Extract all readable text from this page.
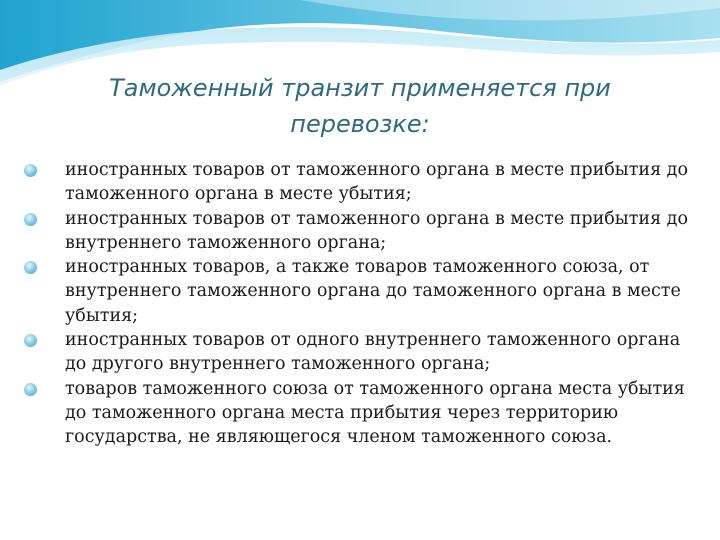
Таможенный транзит применяется при перевозке:
иностранных товаров от таможенного органа в месте прибытия до таможенного органа в месте убытия;
иностранных товаров от таможенного органа в месте прибытия до внутреннего таможенного органа;
иностранных товаров, а также товаров таможенного союза, от внутреннего таможенного органа до таможенного органа в месте убытия;
иностранных товаров от одного внутреннего таможенного органа до другого внутреннего таможенного органа;
товаров таможенного союза от таможенного органа места убытия до таможенного органа места прибытия через территорию государства, не являющегося членом таможенного союза.
